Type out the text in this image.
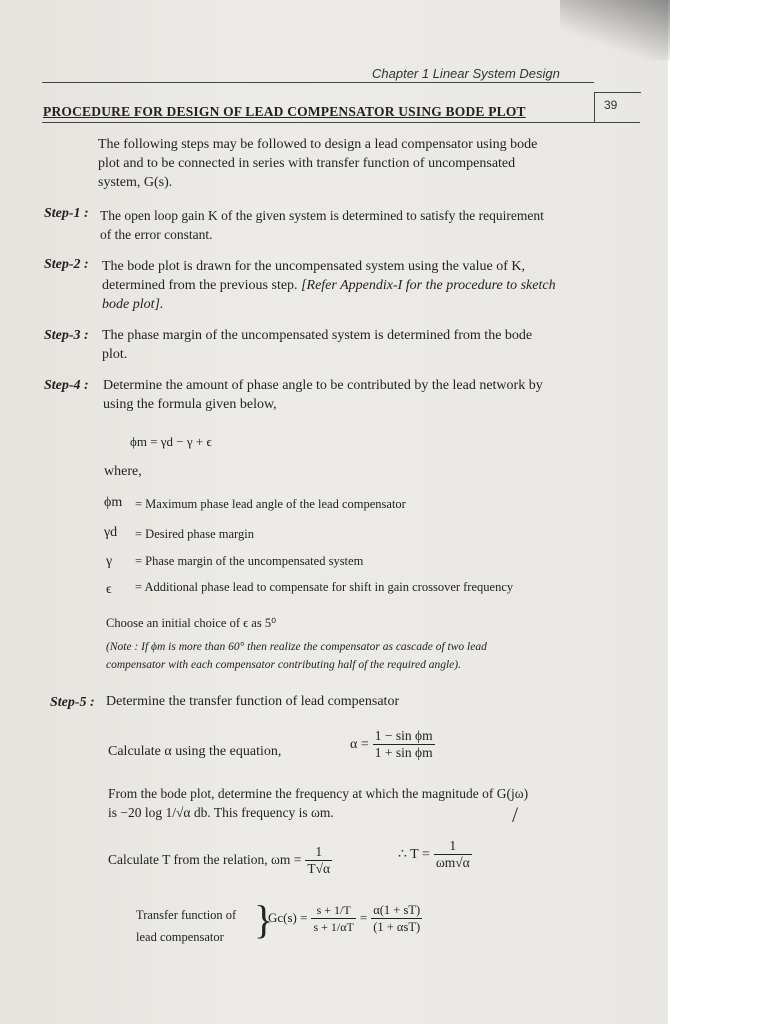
Chapter 1 Linear System Design
39
PROCEDURE FOR DESIGN OF LEAD COMPENSATOR USING BODE PLOT
The following steps may be followed to design a lead compensator using bode
plot and to be connected in series with transfer function of uncompensated
system, G(s).
Step-1 : The open loop gain K of the given system is determined to satisfy the requirement
of the error constant.
Step-2 : The bode plot is drawn for the uncompensated system using the value of K,
determined from the previous step. [Refer Appendix-I for the procedure to sketch
bode plot].
Step-3 : The phase margin of the uncompensated system is determined from the bode
plot.
Step-4 : Determine the amount of phase angle to be contributed by the lead network by
using the formula given below,
ϕm = γd − γ + ϵ
where,
ϕm = Maximum phase lead angle of the lead compensator
γd = Desired phase margin
γ = Phase margin of the uncompensated system
ϵ = Additional phase lead to compensate for shift in gain crossover frequency
Choose an initial choice of ϵ as 5⁰
(Note : If ϕm is more than 60° then realize the compensator as cascade of two lead
compensator with each compensator contributing half of the required angle).
Step-5 : Determine the transfer function of lead compensator
Calculate α using the equation,	$\alpha = \frac{\text{1 − sin ϕm}}{\text{1 + sin ϕm}}$
From the bode plot, determine the frequency at which the magnitude of G(jω)
is −20 log 1/√α db. This frequency is ωm.	/
Calculate T from the relation, $\omega m = \frac{1}{T√\alpha}$	∴ $T = \frac{1}{\omega m√\alpha}$
Transfer function of
lead compensator }
$Gc(s) = \frac{s + 1/T}{s + 1/\alpha T} = \frac{\alpha(1 + sT)}{\text{(1 + αsT)}}$
